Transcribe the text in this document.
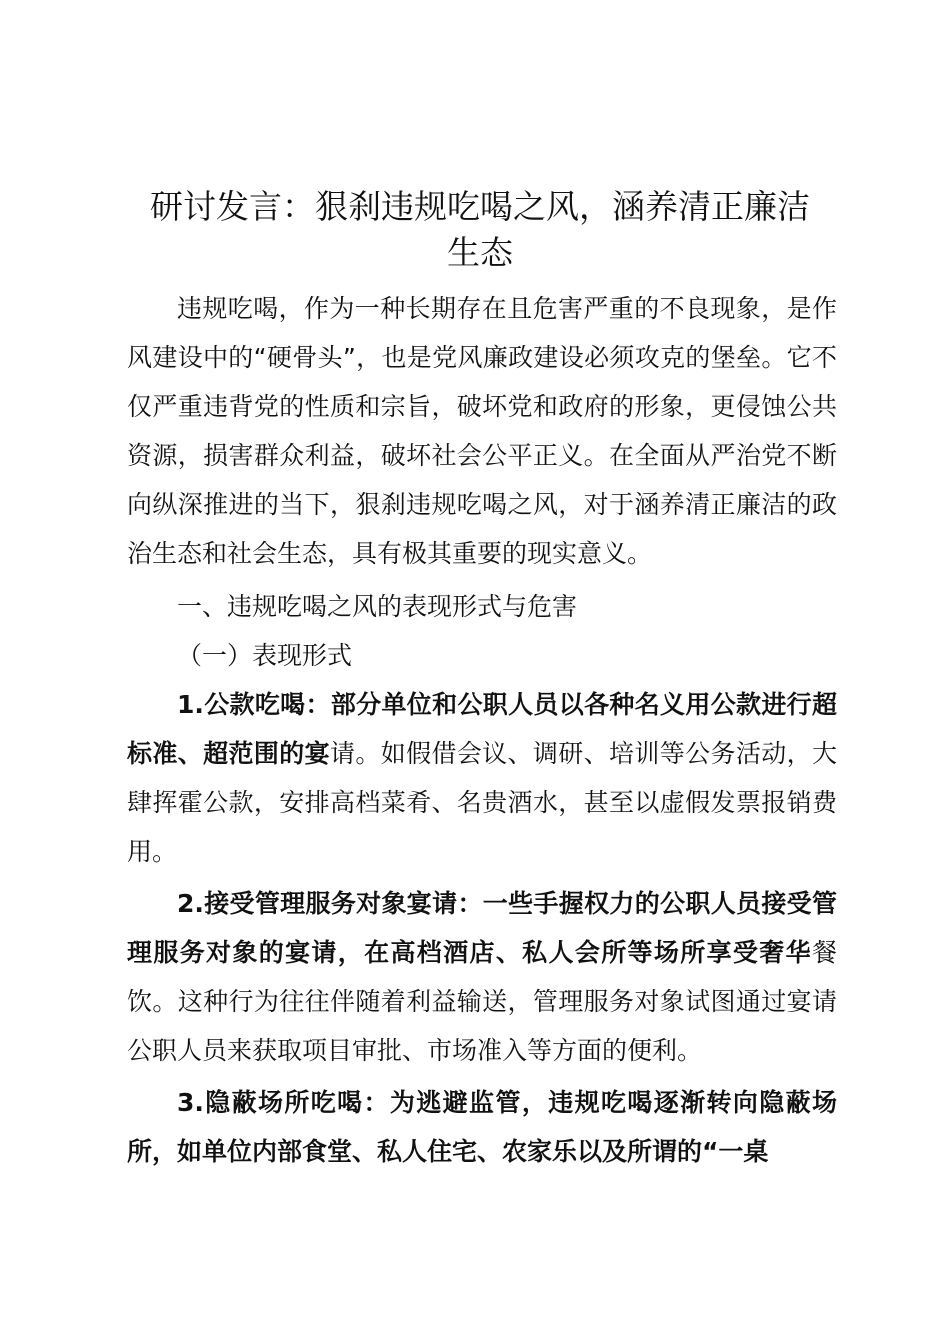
研讨发言：狠刹违规吃喝之风，涵养清正廉洁
生态

违规吃喝，作为一种长期存在且危害严重的不良现象，是作风建设中的“硬骨头”，也是党风廉政建设必须攻克的堡垒。它不仅严重违背党的性质和宗旨，破坏党和政府的形象，更侵蚀公共资源，损害群众利益，破坏社会公平正义。在全面从严治党不断向纵深推进的当下，狠刹违规吃喝之风，对于涵养清正廉洁的政治生态和社会生态，具有极其重要的现实意义。

一、违规吃喝之风的表现形式与危害

（一）表现形式

1.公款吃喝：部分单位和公职人员以各种名义用公款进行超标准、超范围的宴请。如假借会议、调研、培训等公务活动，大肆挥霍公款，安排高档菜肴、名贵酒水，甚至以虚假发票报销费用。

2.接受管理服务对象宴请：一些手握权力的公职人员接受管理服务对象的宴请，在高档酒店、私人会所等场所享受奢华餐饮。这种行为往往伴随着利益输送，管理服务对象试图通过宴请公职人员来获取项目审批、市场准入等方面的便利。

3.隐蔽场所吃喝：为逃避监管，违规吃喝逐渐转向隐蔽场所，如单位内部食堂、私人住宅、农家乐以及所谓的“一桌
